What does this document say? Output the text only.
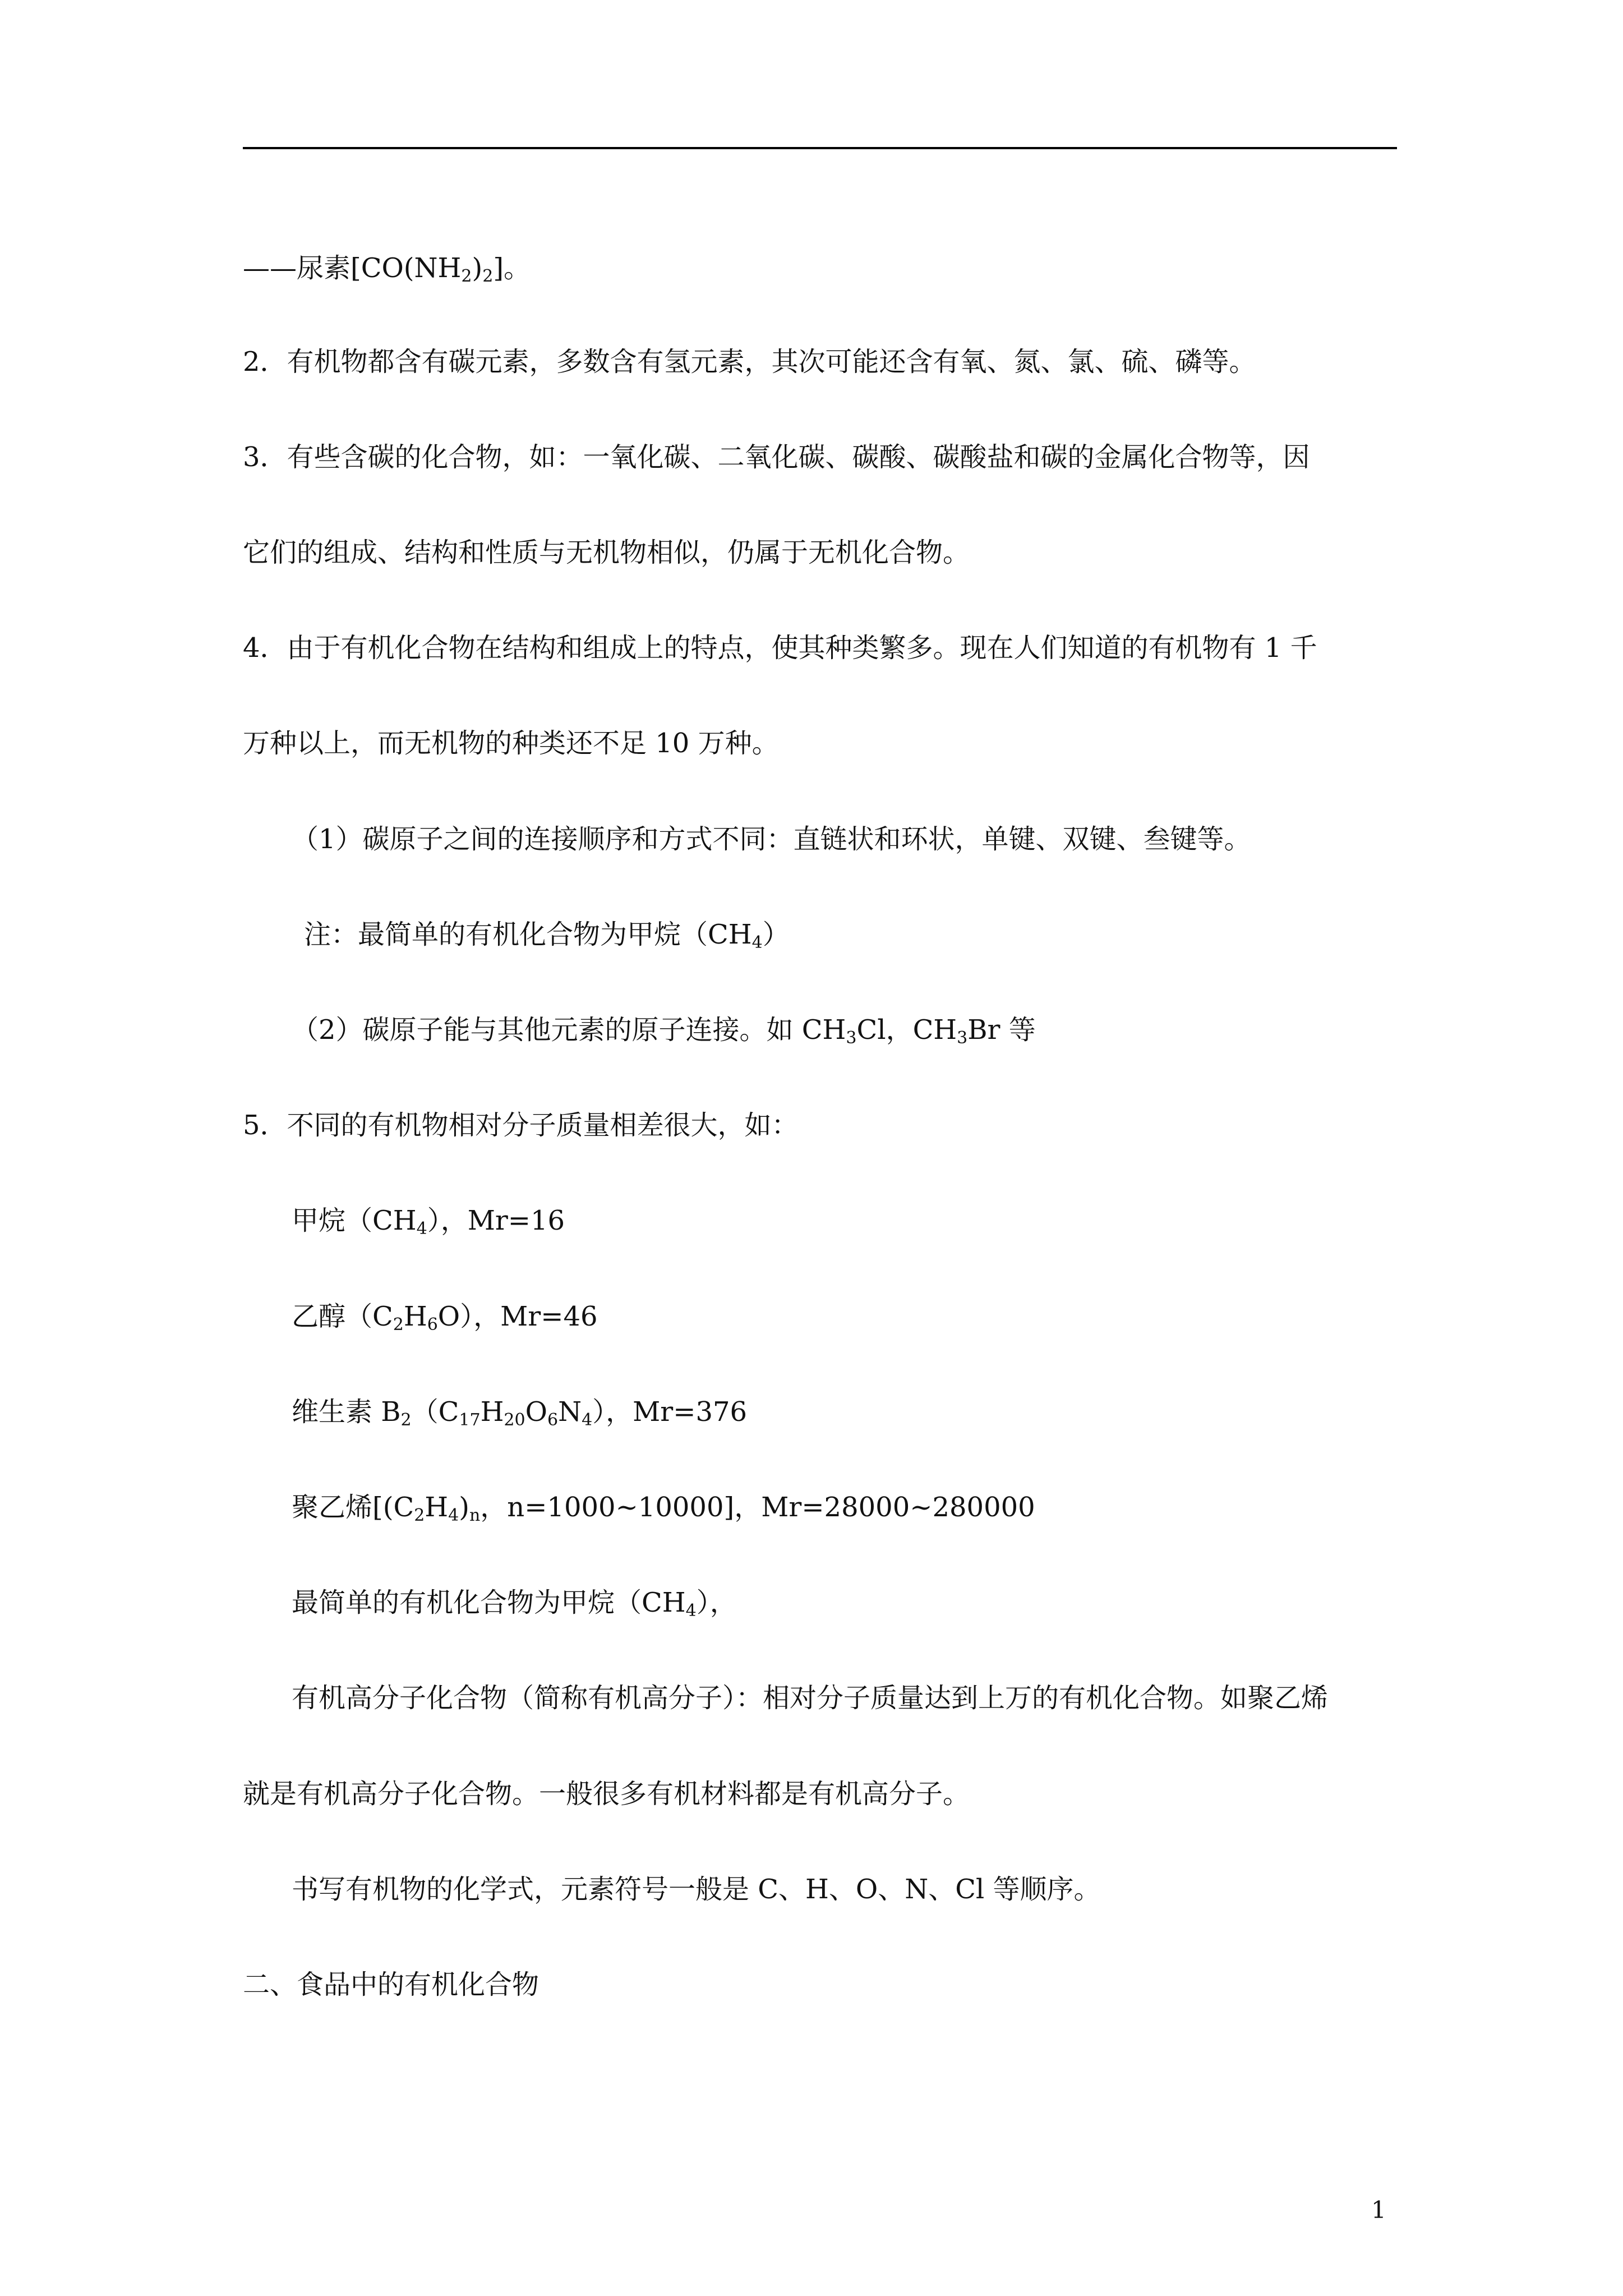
——尿素$[CO(NH_2)_2]$。
2．有机物都含有碳元素，多数含有氢元素，其次可能还含有氧、氮、氯、硫、磷等。
3．有些含碳的化合物，如：一氧化碳、二氧化碳、碳酸、碳酸盐和碳的金属化合物等，因
它们的组成、结构和性质与无机物相似，仍属于无机化合物。
4．由于有机化合物在结构和组成上的特点，使其种类繁多。现在人们知道的有机物有 1 千
万种以上，而无机物的种类还不足 10 万种。
（1）碳原子之间的连接顺序和方式不同：直链状和环状，单键、双键、叁键等。
注：最简单的有机化合物为甲烷$(CH_4)$
（2）碳原子能与其他元素的原子连接。如 $CH_3Cl$，$CH_3Br$ 等
5．不同的有机物相对分子质量相差很大，如：
甲烷$(CH_4)$，Mr=16
乙醇$(C_2H_6O)$，Mr=46
维生素 $B_2(C_{17}H_{20}O_6N_4)$，Mr=376
聚乙烯[$(C_2H_4)_n$，n=1000~10000]，Mr=28000~280000
最简单的有机化合物为甲烷$(CH_4)$，
有机高分子化合物（简称有机高分子）：相对分子质量达到上万的有机化合物。如聚乙烯
就是有机高分子化合物。一般很多有机材料都是有机高分子。
书写有机物的化学式，元素符号一般是 C、H、O、N、Cl 等顺序。
二、食品中的有机化合物
1
